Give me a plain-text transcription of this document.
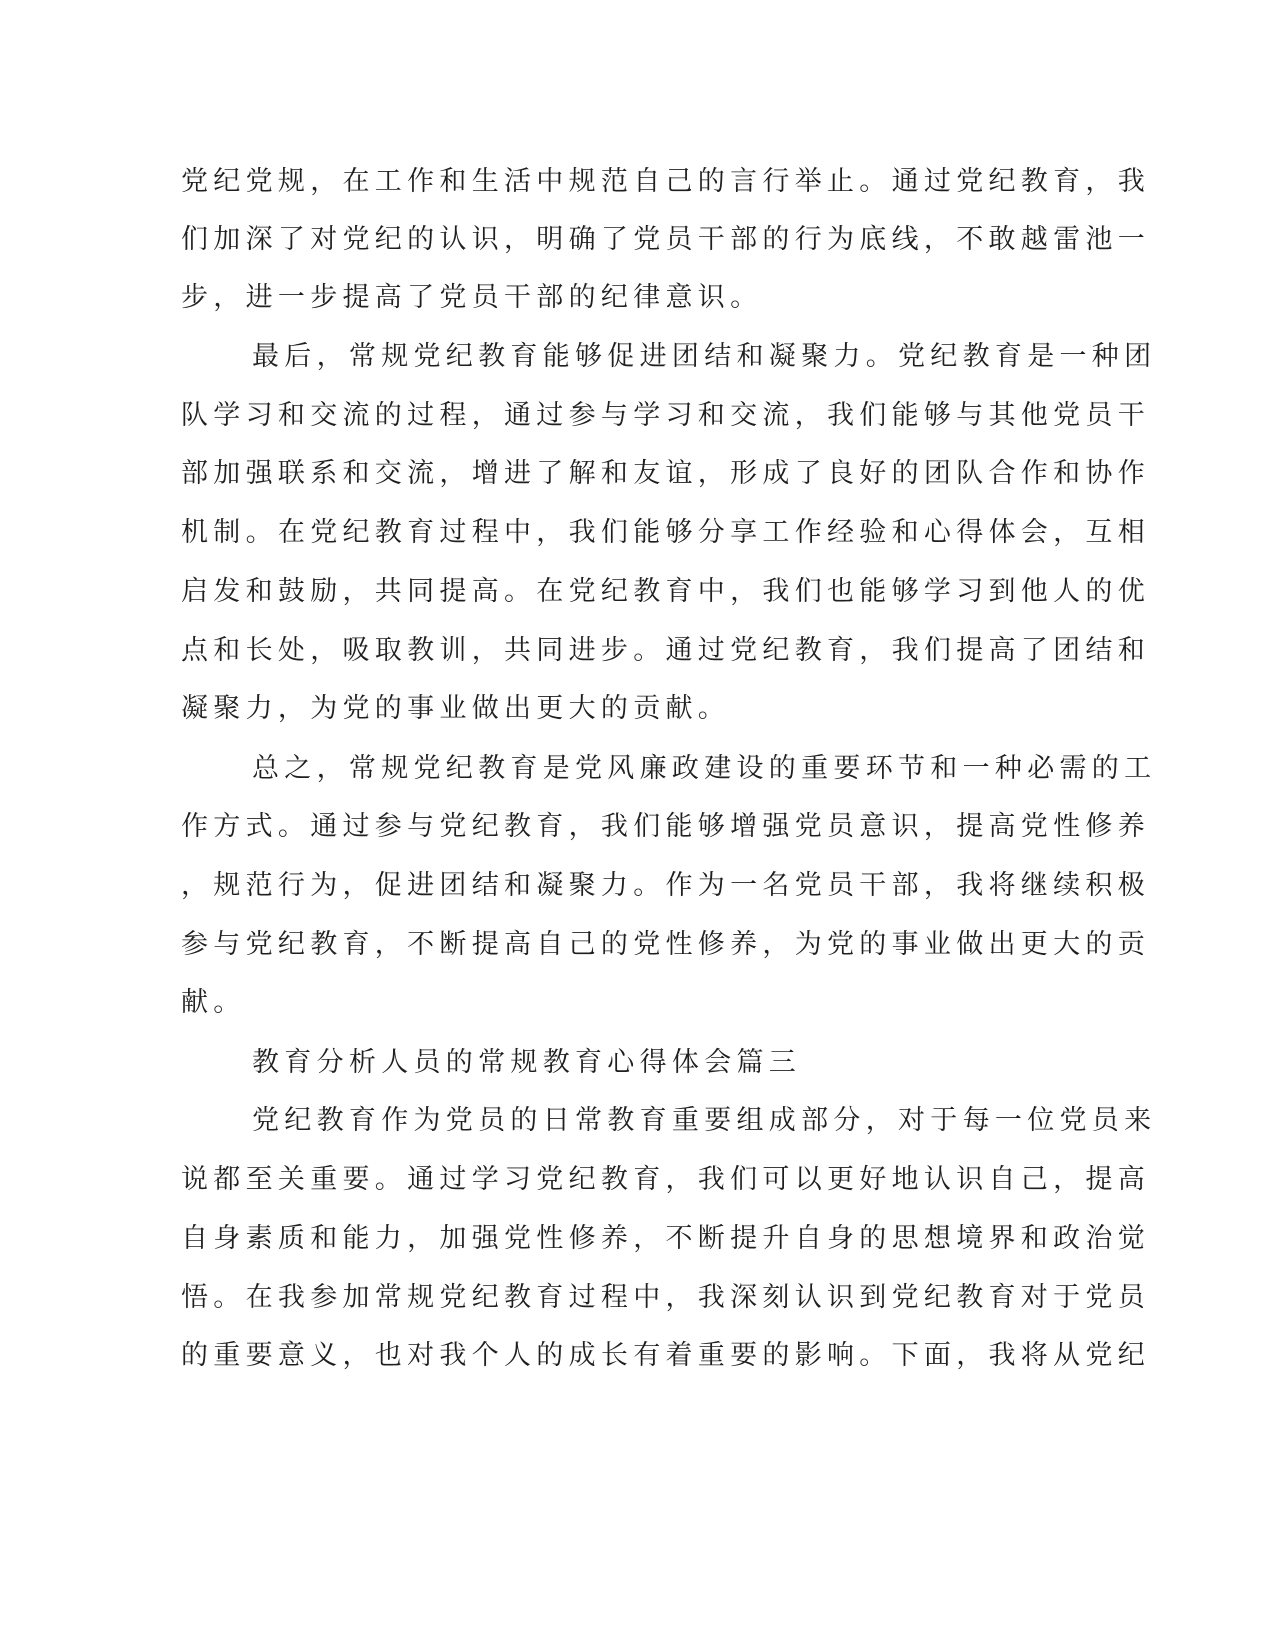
党纪党规，在工作和生活中规范自己的言行举止。通过党纪教育，我

们加深了对党纪的认识，明确了党员干部的行为底线，不敢越雷池一

步，进一步提高了党员干部的纪律意识。

最后，常规党纪教育能够促进团结和凝聚力。党纪教育是一种团

队学习和交流的过程，通过参与学习和交流，我们能够与其他党员干

部加强联系和交流，增进了解和友谊，形成了良好的团队合作和协作

机制。在党纪教育过程中，我们能够分享工作经验和心得体会，互相

启发和鼓励，共同提高。在党纪教育中，我们也能够学习到他人的优

点和长处，吸取教训，共同进步。通过党纪教育，我们提高了团结和

凝聚力，为党的事业做出更大的贡献。

总之，常规党纪教育是党风廉政建设的重要环节和一种必需的工

作方式。通过参与党纪教育，我们能够增强党员意识，提高党性修养

，规范行为，促进团结和凝聚力。作为一名党员干部，我将继续积极

参与党纪教育，不断提高自己的党性修养，为党的事业做出更大的贡

献。

教育分析人员的常规教育心得体会篇三

党纪教育作为党员的日常教育重要组成部分，对于每一位党员来

说都至关重要。通过学习党纪教育，我们可以更好地认识自己，提高

自身素质和能力，加强党性修养，不断提升自身的思想境界和政治觉

悟。在我参加常规党纪教育过程中，我深刻认识到党纪教育对于党员

的重要意义，也对我个人的成长有着重要的影响。下面，我将从党纪
